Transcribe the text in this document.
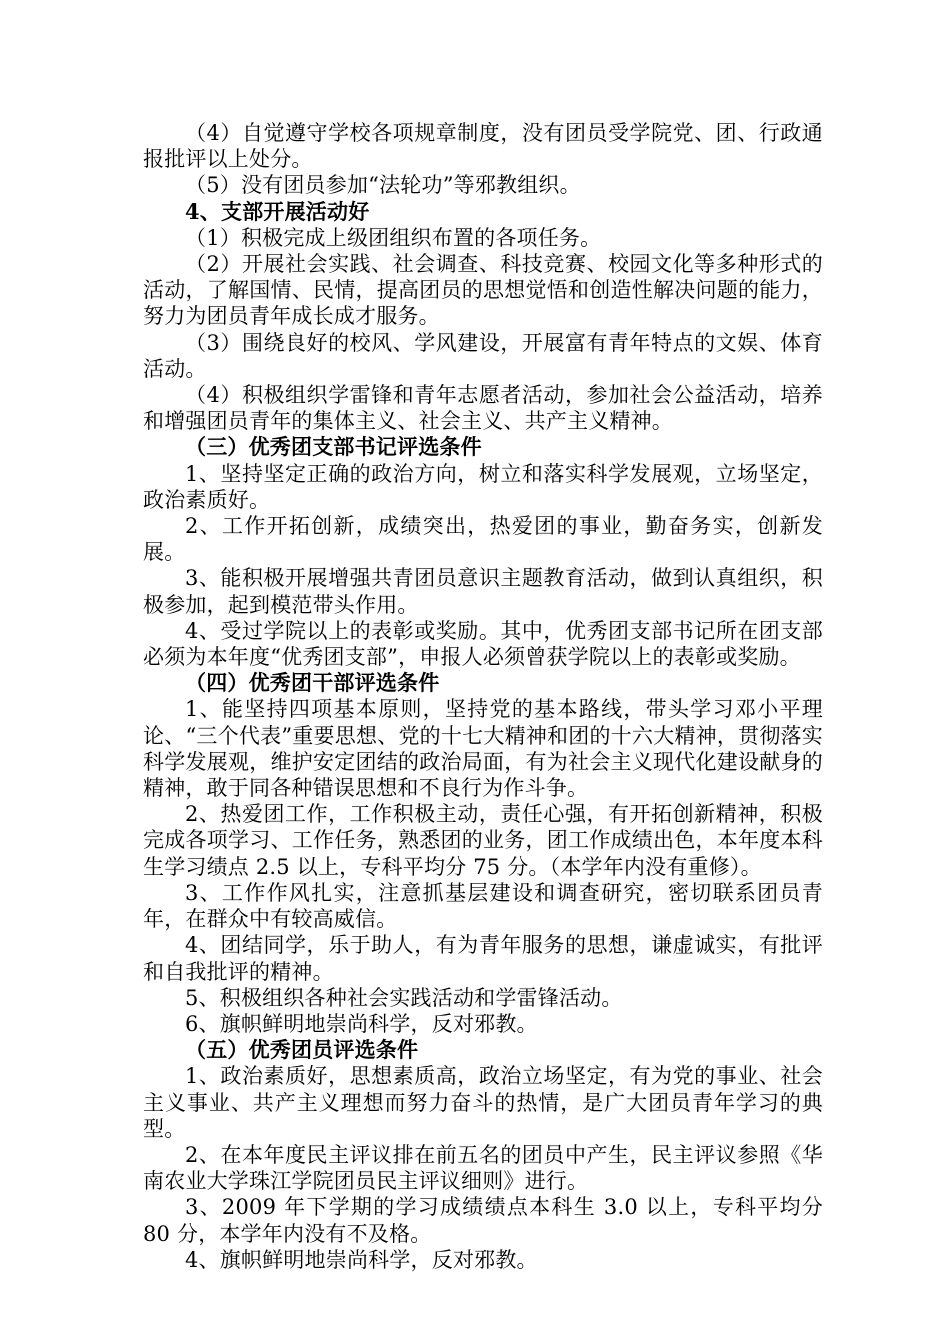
（4）自觉遵守学校各项规章制度，没有团员受学院党、团、行政通报批评以上处分。

（5）没有团员参加“法轮功”等邪教组织。

4、支部开展活动好

（1）积极完成上级团组织布置的各项任务。

（2）开展社会实践、社会调查、科技竞赛、校园文化等多种形式的活动，了解国情、民情，提高团员的思想觉悟和创造性解决问题的能力，努力为团员青年成长成才服务。

（3）围绕良好的校风、学风建设，开展富有青年特点的文娱、体育活动。

（4）积极组织学雷锋和青年志愿者活动，参加社会公益活动，培养和增强团员青年的集体主义、社会主义、共产主义精神。

（三）优秀团支部书记评选条件

1、坚持坚定正确的政治方向，树立和落实科学发展观，立场坚定，政治素质好。

2、工作开拓创新，成绩突出，热爱团的事业，勤奋务实，创新发展。

3、能积极开展增强共青团员意识主题教育活动，做到认真组织，积极参加，起到模范带头作用。

4、受过学院以上的表彰或奖励。其中，优秀团支部书记所在团支部必须为本年度“优秀团支部”，申报人必须曾获学院以上的表彰或奖励。

（四）优秀团干部评选条件

1、能坚持四项基本原则，坚持党的基本路线，带头学习邓小平理论、“三个代表”重要思想、党的十七大精神和团的十六大精神，贯彻落实科学发展观，维护安定团结的政治局面，有为社会主义现代化建设献身的精神，敢于同各种错误思想和不良行为作斗争。

2、热爱团工作，工作积极主动，责任心强，有开拓创新精神，积极完成各项学习、工作任务，熟悉团的业务，团工作成绩出色，本年度本科生学习绩点 2.5 以上，专科平均分 75 分。（本学年内没有重修）。

3、工作作风扎实，注意抓基层建设和调查研究，密切联系团员青年，在群众中有较高威信。

4、团结同学，乐于助人，有为青年服务的思想，谦虚诚实，有批评和自我批评的精神。

5、积极组织各种社会实践活动和学雷锋活动。

6、旗帜鲜明地崇尚科学，反对邪教。

（五）优秀团员评选条件

1、政治素质好，思想素质高，政治立场坚定，有为党的事业、社会主义事业、共产主义理想而努力奋斗的热情，是广大团员青年学习的典型。

2、在本年度民主评议排在前五名的团员中产生，民主评议参照《华南农业大学珠江学院团员民主评议细则》进行。

3、2009 年下学期的学习成绩绩点本科生 3.0 以上，专科平均分 80 分，本学年内没有不及格。

4、旗帜鲜明地崇尚科学，反对邪教。
